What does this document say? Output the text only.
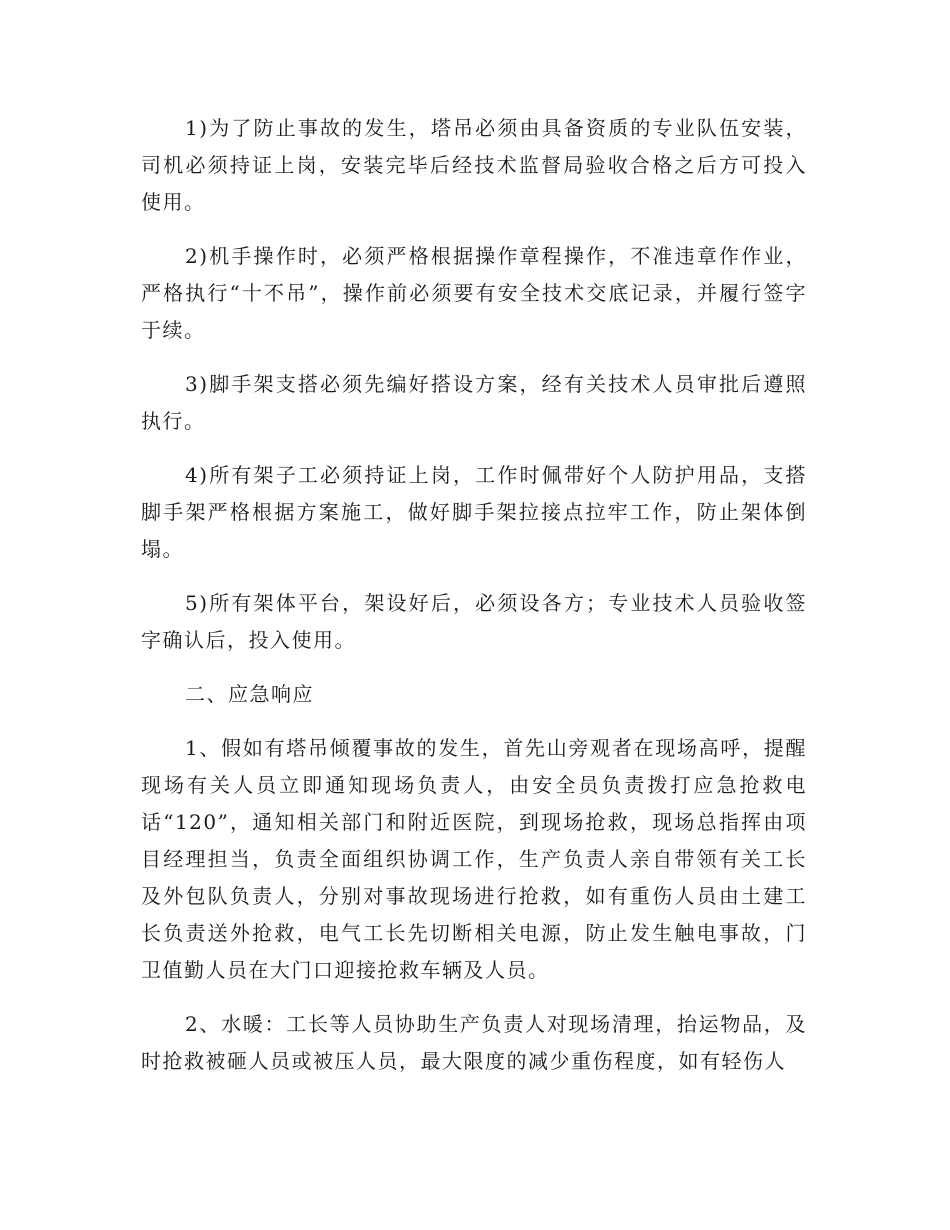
1)为了防止事故的发生，塔吊必须由具备资质的专业队伍安装，司机必须持证上岗，安装完毕后经技术监督局验收合格之后方可投入使用。

2)机手操作时，必须严格根据操作章程操作，不准违章作作业，严格执行“十不吊”，操作前必须要有安全技术交底记录，并履行签字于续。

3)脚手架支搭必须先编好搭设方案，经有关技术人员审批后遵照执行。

4)所有架子工必须持证上岗，工作时佩带好个人防护用品，支搭脚手架严格根据方案施工，做好脚手架拉接点拉牢工作，防止架体倒塌。

5)所有架体平台，架设好后，必须设各方；专业技术人员验收签字确认后，投入使用。

二、应急响应

1、假如有塔吊倾覆事故的发生，首先山旁观者在现场高呼，提醒现场有关人员立即通知现场负责人，由安全员负责拨打应急抢救电话“120”，通知相关部门和附近医院，到现场抢救，现场总指挥由项目经理担当，负责全面组织协调工作，生产负责人亲自带领有关工长及外包队负责人，分别对事故现场进行抢救，如有重伤人员由土建工长负责送外抢救，电气工长先切断相关电源，防止发生触电事故，门卫值勤人员在大门口迎接抢救车辆及人员。

2、水暖：工长等人员协助生产负责人对现场清理，抬运物品，及时抢救被砸人员或被压人员，最大限度的减少重伤程度，如有轻伤人
